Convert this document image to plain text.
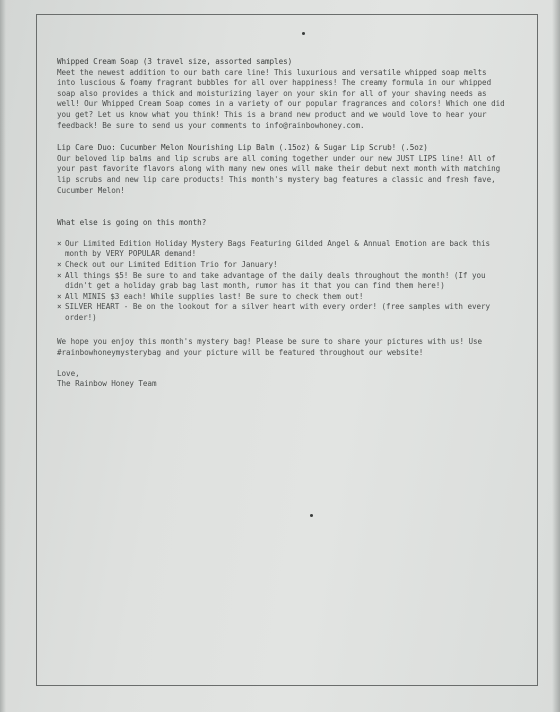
Whipped Cream Soap (3 travel size, assorted samples)

Meet the newest addition to our bath care line! This luxurious and versatile whipped soap melts into luscious & foamy fragrant bubbles for all over happiness! The creamy formula in our whipped soap also provides a thick and moisturizing layer on your skin for all of your shaving needs as well! Our Whipped Cream Soap comes in a variety of our popular fragrances and colors! Which one did you get? Let us know what you think! This is a brand new product and we would love to hear your feedback! Be sure to send us your comments to info@rainbowhoney.com.

Lip Care Duo: Cucumber Melon Nourishing Lip Balm (.15oz) & Sugar Lip Scrub! (.5oz)

Our beloved lip balms and lip scrubs are all coming together under our new JUST LIPS line! All of your past favorite flavors along with many new ones will make their debut next month with matching lip scrubs and new lip care products! This month's mystery bag features a classic and fresh fave, Cucumber Melon!

What else is going on this month?

× Our Limited Edition Holiday Mystery Bags Featuring Gilded Angel & Annual Emotion are back this month by VERY POPULAR demand!
× Check out our Limited Edition Trio for January!
× All things $5! Be sure to and take advantage of the daily deals throughout the month! (If you didn't get a holiday grab bag last month, rumor has it that you can find them here!)
× All MINIS $3 each! While supplies last! Be sure to check them out!
× SILVER HEART - Be on the lookout for a silver heart with every order! (free samples with every order!)

We hope you enjoy this month's mystery bag! Please be sure to share your pictures with us! Use #rainbowhoneymysterybag and your picture will be featured throughout our website!

Love,

The Rainbow Honey Team
